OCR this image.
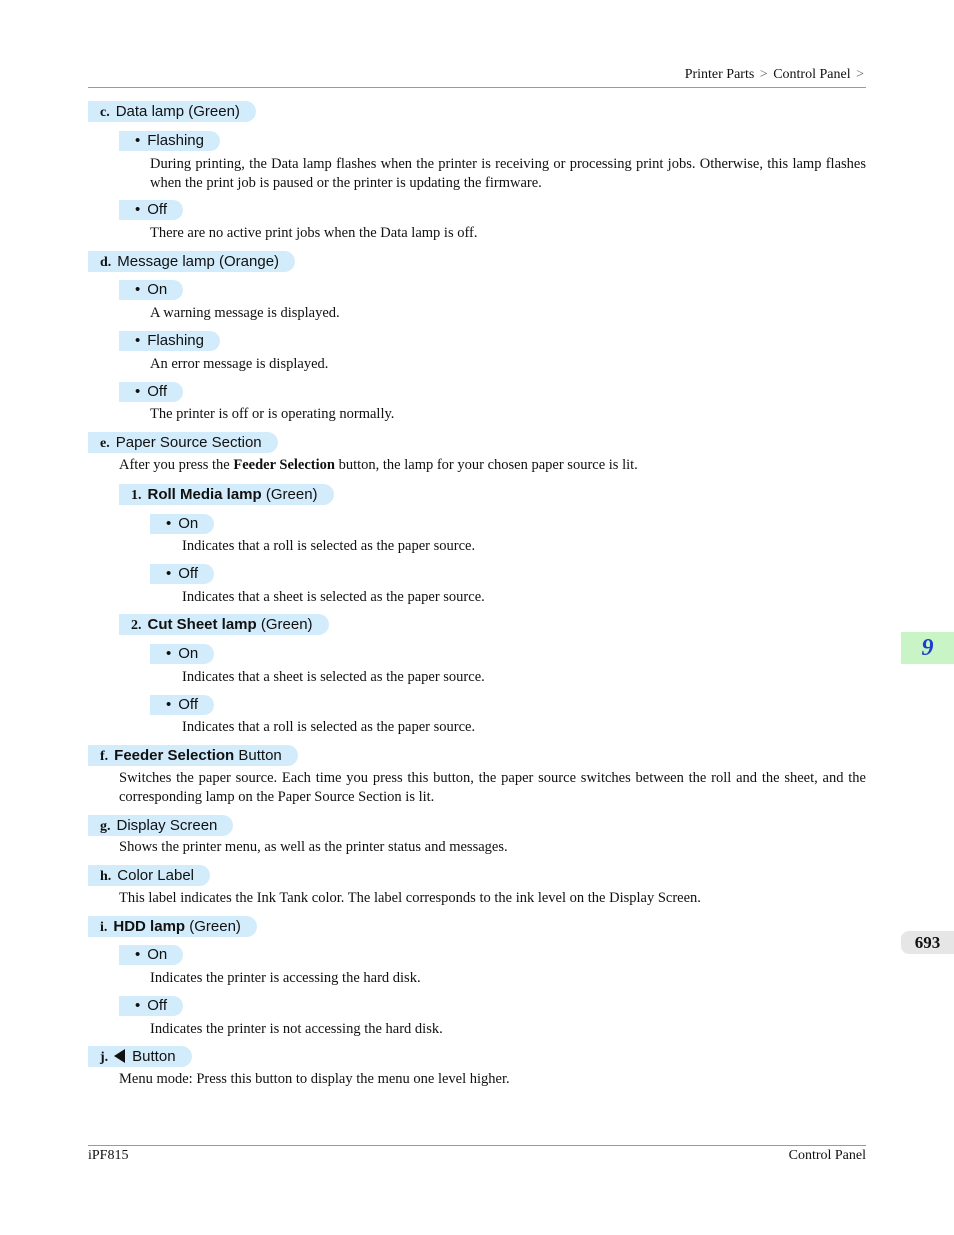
Printer Parts > Control Panel >
c. Data lamp (Green)
• Flashing
During printing, the Data lamp flashes when the printer is receiving or processing print jobs. Otherwise, this lamp flashes when the print job is paused or the printer is updating the firmware.
• Off
There are no active print jobs when the Data lamp is off.
d. Message lamp (Orange)
• On
A warning message is displayed.
• Flashing
An error message is displayed.
• Off
The printer is off or is operating normally.
e. Paper Source Section
After you press the Feeder Selection button, the lamp for your chosen paper source is lit.
1. Roll Media lamp (Green)
• On
Indicates that a roll is selected as the paper source.
• Off
Indicates that a sheet is selected as the paper source.
2. Cut Sheet lamp (Green)
• On
Indicates that a sheet is selected as the paper source.
• Off
Indicates that a roll is selected as the paper source.
f. Feeder Selection Button
Switches the paper source. Each time you press this button, the paper source switches between the roll and the sheet, and the corresponding lamp on the Paper Source Section is lit.
g. Display Screen
Shows the printer menu, as well as the printer status and messages.
h. Color Label
This label indicates the Ink Tank color. The label corresponds to the ink level on the Display Screen.
i. HDD lamp (Green)
• On
Indicates the printer is accessing the hard disk.
• Off
Indicates the printer is not accessing the hard disk.
j. Button
Menu mode: Press this button to display the menu one level higher.
9
693
iPF815	Control Panel
